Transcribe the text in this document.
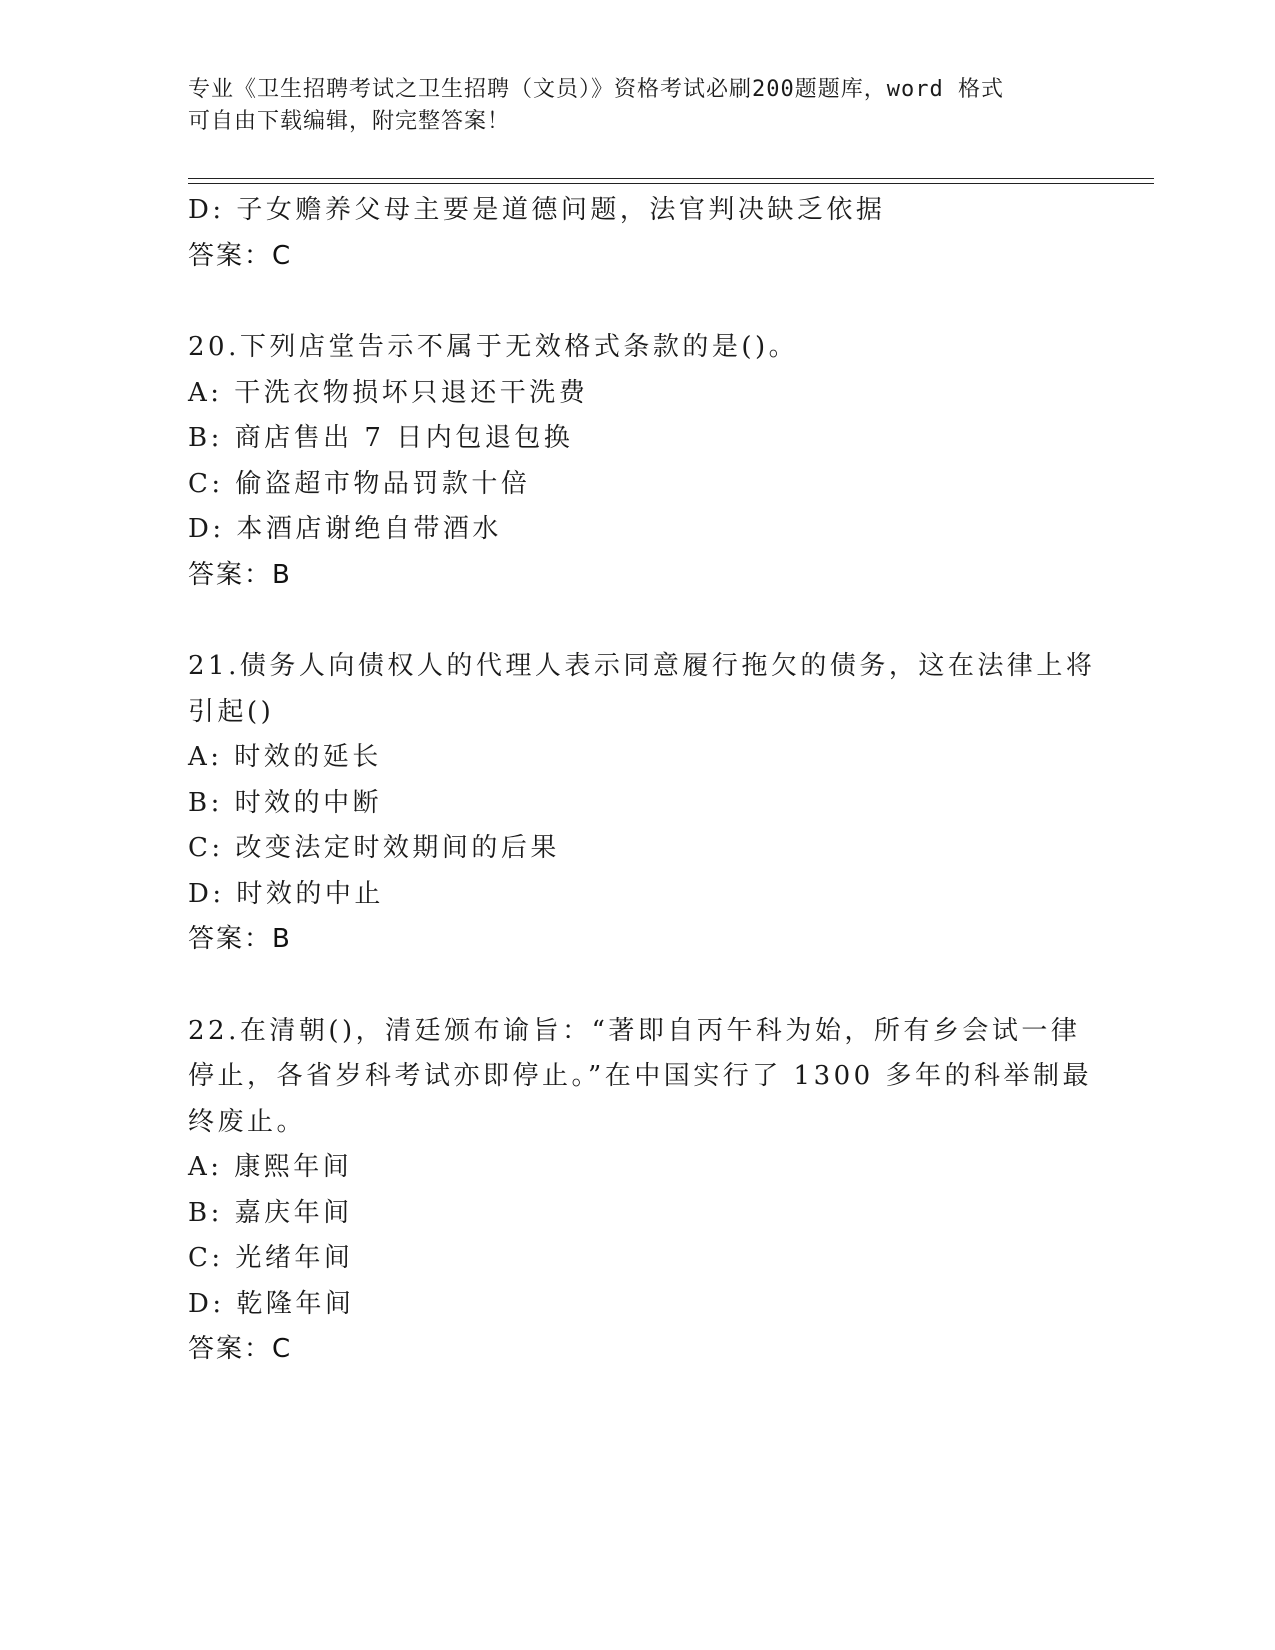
专业《卫生招聘考试之卫生招聘（文员）》资格考试必刷200题题库，word 格式
可自由下载编辑，附完整答案！
D: 子女赡养父母主要是道德问题，法官判决缺乏依据
答案：C
20.下列店堂告示不属于无效格式条款的是()。
A: 干洗衣物损坏只退还干洗费
B: 商店售出 7 日内包退包换
C: 偷盗超市物品罚款十倍
D: 本酒店谢绝自带酒水
答案：B
21.债务人向债权人的代理人表示同意履行拖欠的债务，这在法律上将
引起()
A: 时效的延长
B: 时效的中断
C: 改变法定时效期间的后果
D: 时效的中止
答案：B
22.在清朝()，清廷颁布谕旨：“著即自丙午科为始，所有乡会试一律
停止，各省岁科考试亦即停止。”在中国实行了 1300 多年的科举制最
终废止。
A: 康熙年间
B: 嘉庆年间
C: 光绪年间
D: 乾隆年间
答案：C
